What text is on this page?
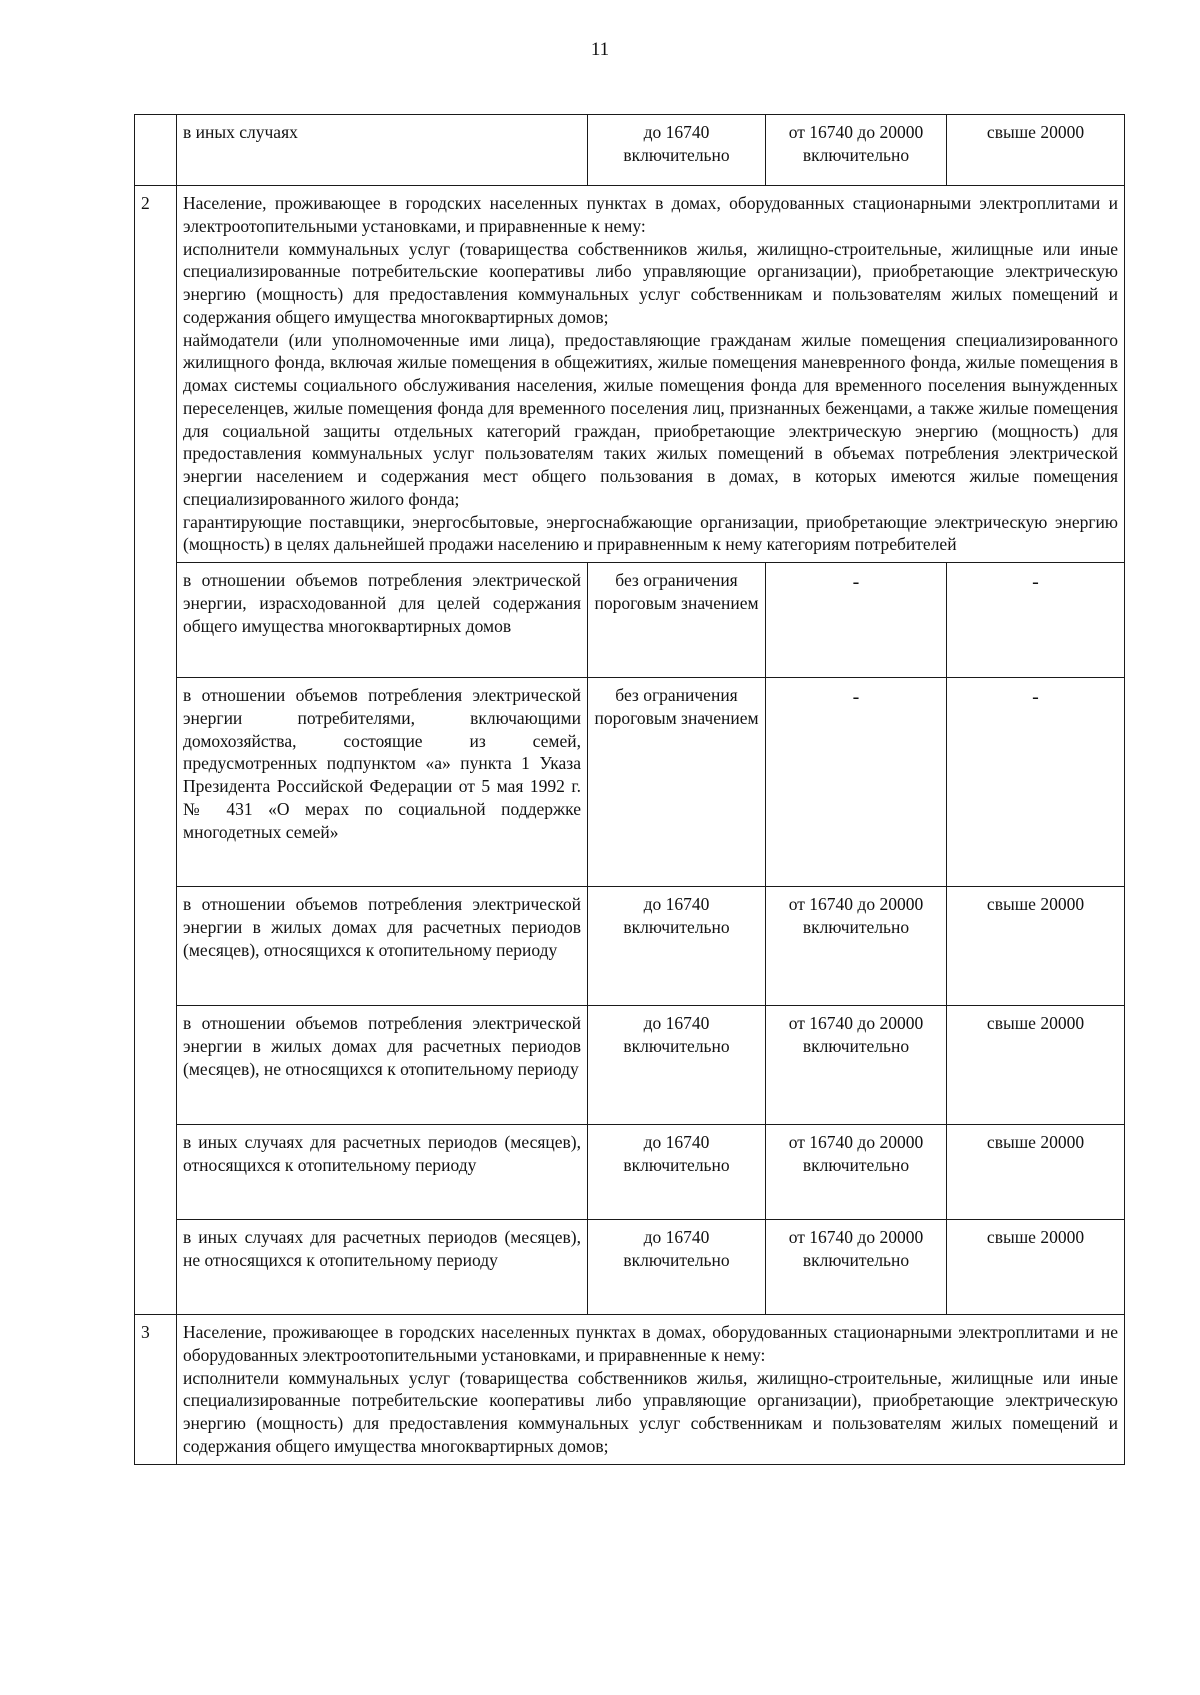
11
	в иных случаях	до 16740 включительно	от 16740 до 20000 включительно	свыше 20000
2	Население, проживающее в городских населенных пунктах в домах, оборудованных стационарными электроплитами и электроотопительными установками, и приравненные к нему:

исполнители коммунальных услуг (товарищества собственников жилья, жилищно-строительные, жилищные или иные специализированные потребительские кооперативы либо управляющие организации), приобретающие электрическую энергию (мощность) для предоставления коммунальных услуг собственникам и пользователям жилых помещений и содержания общего имущества многоквартирных домов;

наймодатели (или уполномоченные ими лица), предоставляющие гражданам жилые помещения специализированного жилищного фонда, включая жилые помещения в общежитиях, жилые помещения маневренного фонда, жилые помещения в домах системы социального обслуживания населения, жилые помещения фонда для временного поселения вынужденных переселенцев, жилые помещения фонда для временного поселения лиц, признанных беженцами, а также жилые помещения для социальной защиты отдельных категорий граждан, приобретающие электрическую энергию (мощность) для предоставления коммунальных услуг пользователям таких жилых помещений в объемах потребления электрической энергии населением и содержания мест общего пользования в домах, в которых имеются жилые помещения специализированного жилого фонда;

гарантирующие поставщики, энергосбытовые, энергоснабжающие организации, приобретающие электрическую энергию (мощность) в целях дальнейшей продажи населению и приравненным к нему категориям потребителей			

	в отношении объемов потребления электрической энергии, израсходованной для целей содержания общего имущества многоквартирных домов	без ограничения пороговым значением	-	-
	в отношении объемов потребления электрической энергии потребителями, включающими домохозяйства, состоящие из семей, предусмотренных подпунктом «а» пункта 1 Указа Президента Российской Федерации от 5 мая 1992 г. № 431 «О мерах по социальной поддержке многодетных семей»	без ограничения пороговым значением	-	-
	в отношении объемов потребления электрической энергии в жилых домах для расчетных периодов (месяцев), относящихся к отопительному периоду	до 16740 включительно	от 16740 до 20000 включительно	свыше 20000
	в отношении объемов потребления электрической энергии в жилых домах для расчетных периодов (месяцев), не относящихся к отопительному периоду	до 16740 включительно	от 16740 до 20000 включительно	свыше 20000
	в иных случаях для расчетных периодов (месяцев), относящихся к отопительному периоду	до 16740 включительно	от 16740 до 20000 включительно	свыше 20000
	в иных случаях для расчетных периодов (месяцев), не относящихся к отопительному периоду	до 16740 включительно	от 16740 до 20000 включительно	свыше 20000
3	Население, проживающее в городских населенных пунктах в домах, оборудованных стационарными электроплитами и не оборудованных электроотопительными установками, и приравненные к нему:

исполнители коммунальных услуг (товарищества собственников жилья, жилищно-строительные, жилищные или иные специализированные потребительские кооперативы либо управляющие организации), приобретающие электрическую энергию (мощность) для предоставления коммунальных услуг собственникам и пользователям жилых помещений и содержания общего имущества многоквартирных домов;			
